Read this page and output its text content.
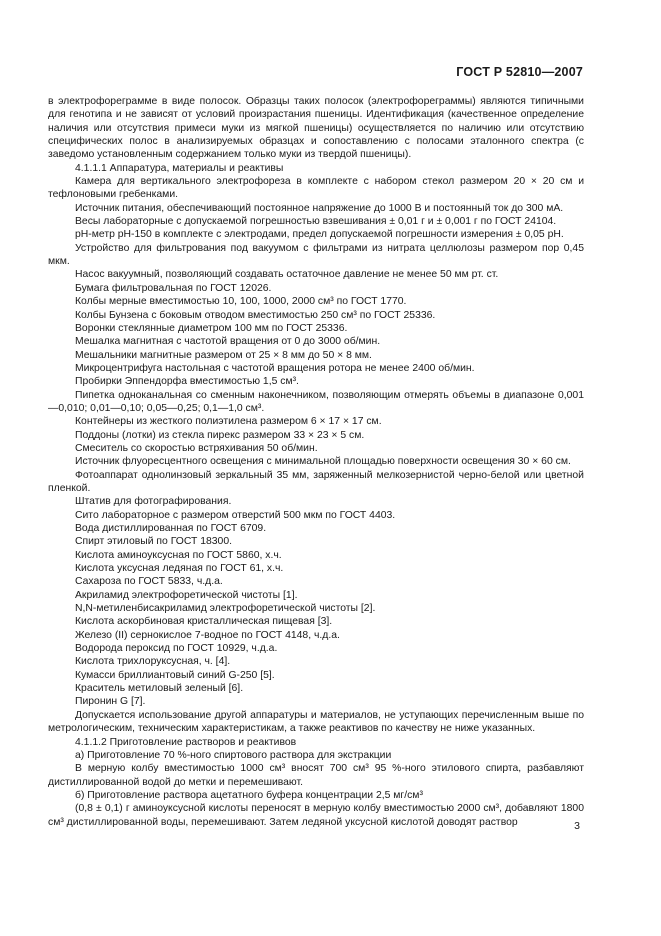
ГОСТ Р 52810—2007

в электрофореграмме в виде полосок. Образцы таких полосок (электрофореграммы) являются типичными для генотипа и не зависят от условий произрастания пшеницы. Идентификация (качественное определение наличия или отсутствия примеси муки из мягкой пшеницы) осуществляется по наличию или отсутствию специфических полос в анализируемых образцах и сопоставлению с полосами эталонного спектра (с заведомо установленным содержанием только муки из твердой пшеницы).

4.1.1.1 Аппаратура, материалы и реактивы

Камера для вертикального электрофореза в комплекте с набором стекол размером 20 × 20 см и тефлоновыми гребенками.

Источник питания, обеспечивающий постоянное напряжение до 1000 В и постоянный ток до 300 мА.

Весы лабораторные с допускаемой погрешностью взвешивания ± 0,01 г и ± 0,001 г по ГОСТ 24104.

pH-метр pH-150 в комплекте с электродами, предел допускаемой погрешности измерения ± 0,05 pH.

Устройство для фильтрования под вакуумом с фильтрами из нитрата целлюлозы размером пор 0,45 мкм.

Насос вакуумный, позволяющий создавать остаточное давление не менее 50 мм рт. ст.

Бумага фильтровальная по ГОСТ 12026.

Колбы мерные вместимостью 10, 100, 1000, 2000 см³ по ГОСТ 1770.

Колбы Бунзена с боковым отводом вместимостью 250 см³ по ГОСТ 25336.

Воронки стеклянные диаметром 100 мм по ГОСТ 25336.

Мешалка магнитная с частотой вращения от 0 до 3000 об/мин.

Мешальники магнитные размером от 25 × 8 мм до 50 × 8 мм.

Микроцентрифуга настольная с частотой вращения ротора не менее 2400 об/мин.

Пробирки Эппендорфа вместимостью 1,5 см³.

Пипетка одноканальная со сменным наконечником, позволяющим отмерять объемы в диапазоне 0,001—0,010; 0,01—0,10; 0,05—0,25; 0,1—1,0 см³.

Контейнеры из жесткого полиэтилена размером 6 × 17 × 17 см.

Поддоны (лотки) из стекла пирекс размером 33 × 23 × 5 см.

Смеситель со скоростью встряхивания 50 об/мин.

Источник флуоресцентного освещения с минимальной площадью поверхности освещения 30 × 60 см.

Фотоаппарат однолинзовый зеркальный 35 мм, заряженный мелкозернистой черно-белой или цветной пленкой.

Штатив для фотографирования.

Сито лабораторное с размером отверстий 500 мкм по ГОСТ 4403.

Вода дистиллированная по ГОСТ 6709.

Спирт этиловый по ГОСТ 18300.

Кислота аминоуксусная по ГОСТ 5860, х.ч.

Кислота уксусная ледяная по ГОСТ 61, х.ч.

Сахароза по ГОСТ 5833, ч.д.а.

Акриламид электрофоретической чистоты [1].

N,N-метиленбисакриламид электрофоретической чистоты [2].

Кислота аскорбиновая кристаллическая пищевая [3].

Железо (II) сернокислое 7-водное по ГОСТ 4148, ч.д.а.

Водорода пероксид по ГОСТ 10929, ч.д.а.

Кислота трихлоруксусная, ч. [4].

Кумасси бриллиантовый синий G-250 [5].

Краситель метиловый зеленый [6].

Пиронин G [7].

Допускается использование другой аппаратуры и материалов, не уступающих перечисленным выше по метрологическим, техническим характеристикам, а также реактивов по качеству не ниже указанных.

4.1.1.2 Приготовление растворов и реактивов

а) Приготовление 70 %-ного спиртового раствора для экстракции

В мерную колбу вместимостью 1000 см³ вносят 700 см³ 95 %-ного этилового спирта, разбавляют дистиллированной водой до метки и перемешивают.

б) Приготовление раствора ацетатного буфера концентрации 2,5 мг/см³

(0,8 ± 0,1) г аминоуксусной кислоты переносят в мерную колбу вместимостью 2000 см³, добавляют 1800 см³ дистиллированной воды, перемешивают. Затем ледяной уксусной кислотой доводят раствор	3
